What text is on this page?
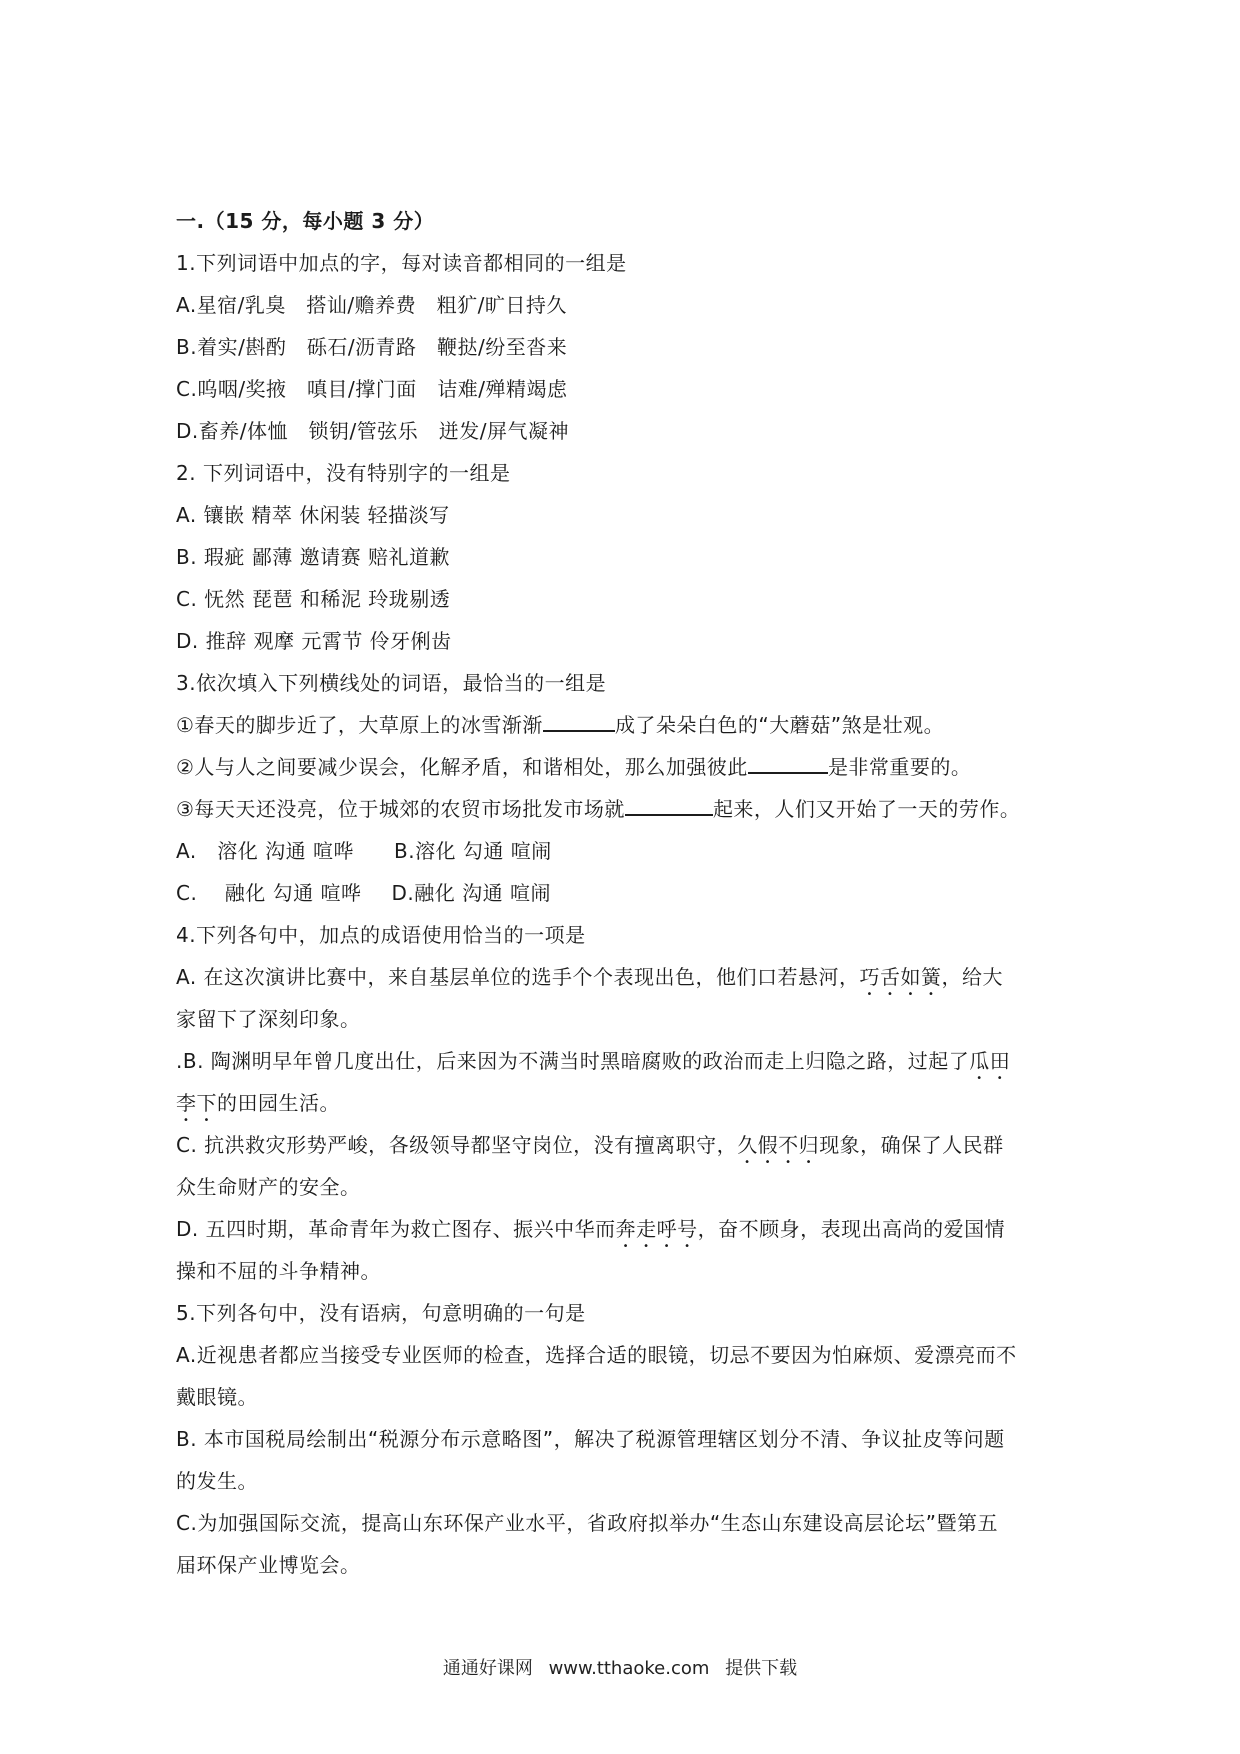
一.（15 分，每小题 3 分）
1.下列词语中加点的字，每对读音都相同的一组是
A.星宿/乳臭　搭讪/赡养费　粗犷/旷日持久
B.着实/斟酌　砾石/沥青路　鞭挞/纷至沓来
C.呜咽/奖掖　嗔目/撑门面　诘难/殚精竭虑
D.畜养/体恤　锁钥/管弦乐　迸发/屏气凝神
2. 下列词语中，没有特别字的一组是
A. 镶嵌 精萃 休闲装 轻描淡写
B. 瑕疵 鄙薄 邀请赛 赔礼道歉
C. 怃然 琵琶 和稀泥 玲珑剔透
D. 推辞 观摩 元霄节 伶牙俐齿
3.依次填入下列横线处的词语，最恰当的一组是
①春天的脚步近了，大草原上的冰雪渐渐	成了朵朵白色的“大蘑菇”煞是壮观。
②人与人之间要减少误会，化解矛盾，和谐相处，那么加强彼此	是非常重要的。
③每天天还没亮，位于城郊的农贸市场批发市场就	起来，人们又开始了一天的劳作。
A.   溶化 沟通 喧哗 B.溶化 勾通 喧闹
C.    融化 勾通 喧哗 D.融化 沟通 喧闹
4.下列各句中，加点的成语使用恰当的一项是
A. 在这次演讲比赛中，来自基层单位的选手个个表现出色，他们口若悬河，巧舌如簧，给大
家留下了深刻印象。
.B. 陶渊明早年曾几度出仕，后来因为不满当时黑暗腐败的政治而走上归隐之路，过起了瓜田
李下的田园生活。
C. 抗洪救灾形势严峻，各级领导都坚守岗位，没有擅离职守，久假不归现象，确保了人民群
众生命财产的安全。
D. 五四时期，革命青年为救亡图存、振兴中华而奔走呼号，奋不顾身，表现出高尚的爱国情
操和不屈的斗争精神。
5.下列各句中，没有语病，句意明确的一句是
A.近视患者都应当接受专业医师的检查，选择合适的眼镜，切忌不要因为怕麻烦、爱漂亮而不
戴眼镜。
B. 本市国税局绘制出“税源分布示意略图”，解决了税源管理辖区划分不清、争议扯皮等问题
的发生。
C.为加强国际交流，提高山东环保产业水平，省政府拟举办“生态山东建设高层论坛”暨第五
届环保产业博览会。
通通好课网 www.tthaoke.com 提供下载
